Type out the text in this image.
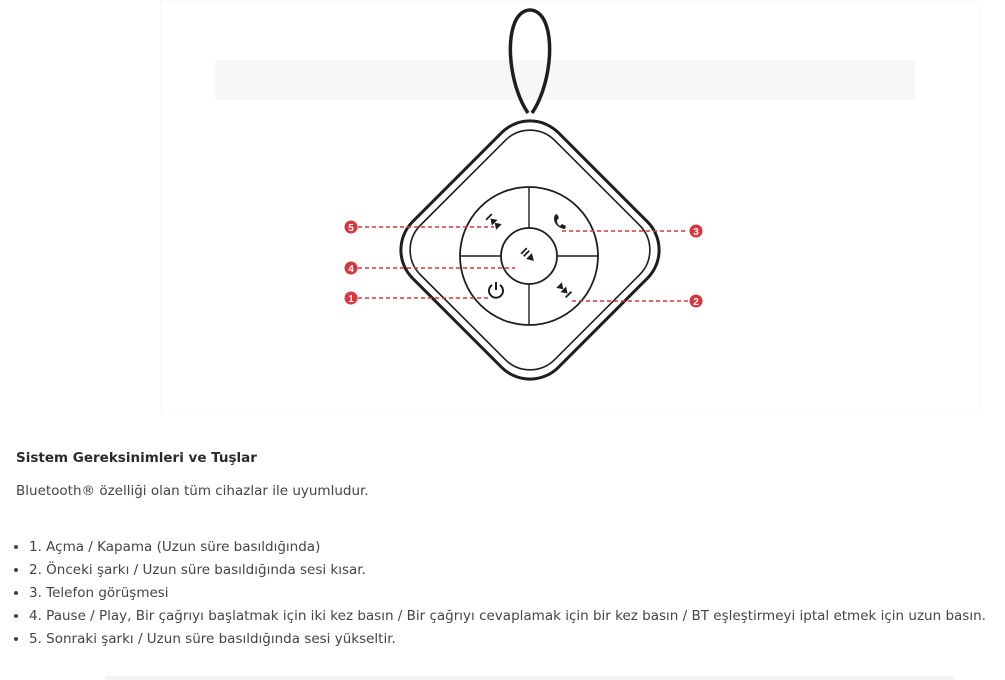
5
4
1
3
2
Sistem Gereksinimleri ve Tuşlar
Bluetooth® özelliği olan tüm cihazlar ile uyumludur.
• 1. Açma / Kapama (Uzun süre basıldığında)
• 2. Önceki şarkı / Uzun süre basıldığında sesi kısar.
• 3. Telefon görüşmesi
• 4. Pause / Play, Bir çağrıyı başlatmak için iki kez basın / Bir çağrıyı cevaplamak için bir kez basın / BT eşleştirmeyi iptal etmek için uzun basın.
• 5. Sonraki şarkı / Uzun süre basıldığında sesi yükseltir.
